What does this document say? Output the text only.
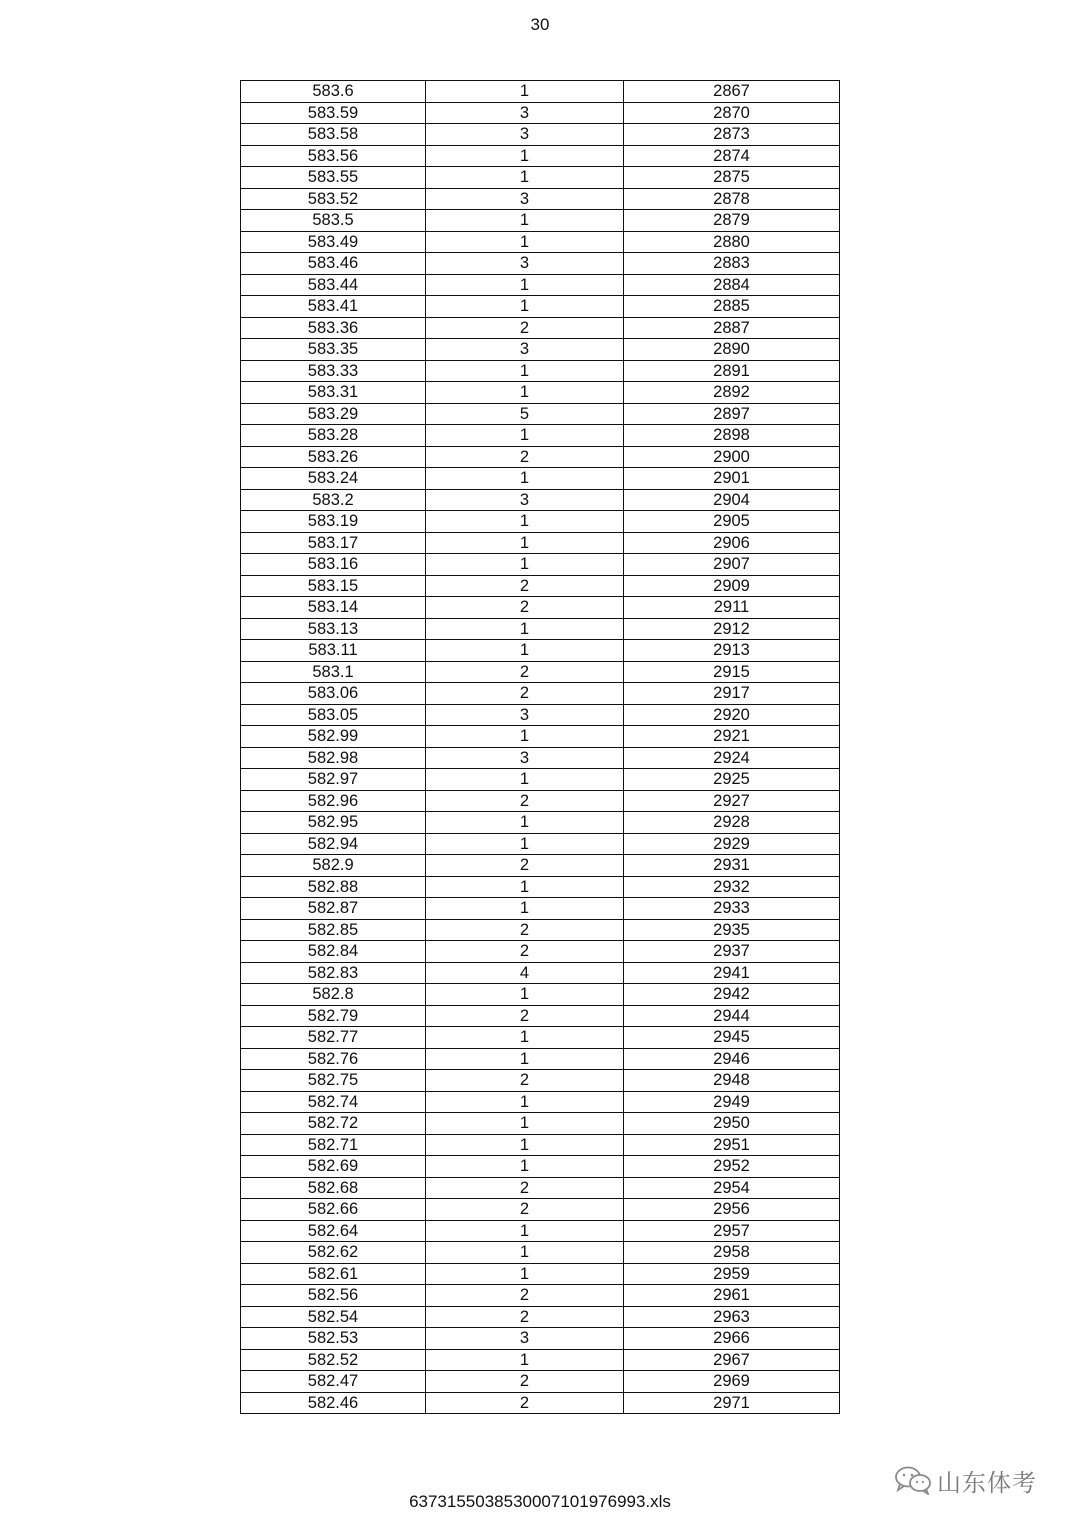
30
583.6	1	2867
583.59	3	2870
583.58	3	2873
583.56	1	2874
583.55	1	2875
583.52	3	2878
583.5	1	2879
583.49	1	2880
583.46	3	2883
583.44	1	2884
583.41	1	2885
583.36	2	2887
583.35	3	2890
583.33	1	2891
583.31	1	2892
583.29	5	2897
583.28	1	2898
583.26	2	2900
583.24	1	2901
583.2	3	2904
583.19	1	2905
583.17	1	2906
583.16	1	2907
583.15	2	2909
583.14	2	2911
583.13	1	2912
583.11	1	2913
583.1	2	2915
583.06	2	2917
583.05	3	2920
582.99	1	2921
582.98	3	2924
582.97	1	2925
582.96	2	2927
582.95	1	2928
582.94	1	2929
582.9	2	2931
582.88	1	2932
582.87	1	2933
582.85	2	2935
582.84	2	2937
582.83	4	2941
582.8	1	2942
582.79	2	2944
582.77	1	2945
582.76	1	2946
582.75	2	2948
582.74	1	2949
582.72	1	2950
582.71	1	2951
582.69	1	2952
582.68	2	2954
582.66	2	2956
582.64	1	2957
582.62	1	2958
582.61	1	2959
582.56	2	2961
582.54	2	2963
582.53	3	2966
582.52	1	2967
582.47	2	2969
582.46	2	2971
山东体考
6373155038530007101976993.xls
